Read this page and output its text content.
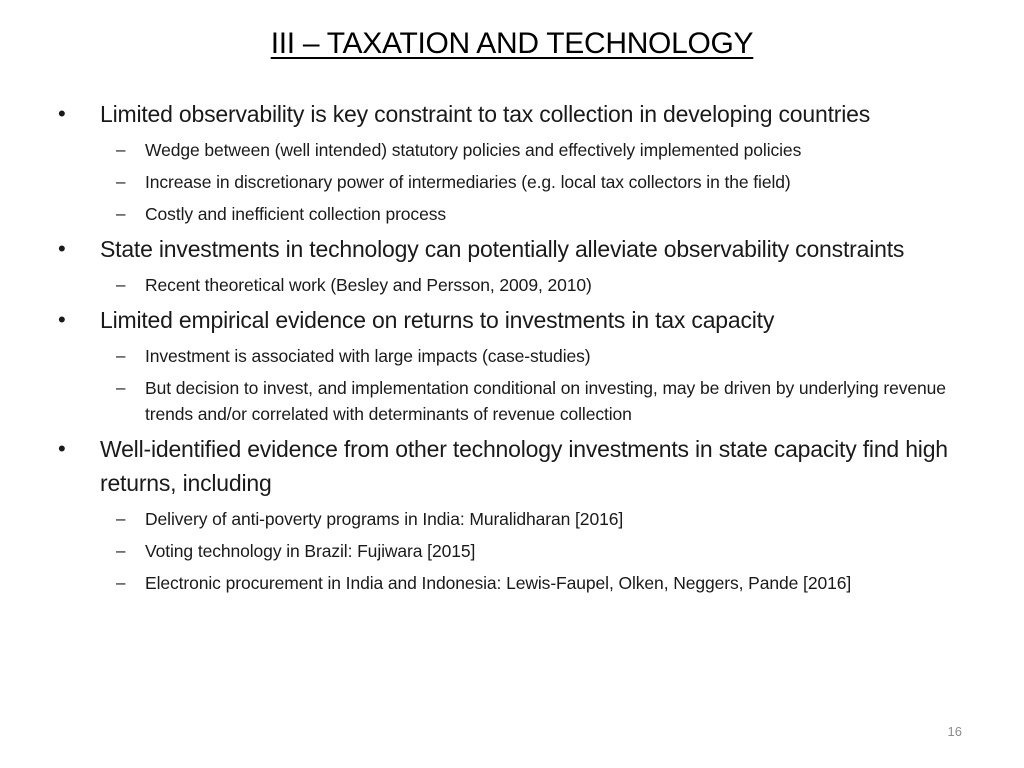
III – TAXATION AND TECHNOLOGY
•	Limited observability is key constraint to tax collection in developing countries
– Wedge between (well intended) statutory policies and effectively implemented policies
– Increase in discretionary power of intermediaries (e.g. local tax collectors in the field)
– Costly and inefficient collection process
•	State investments in technology can potentially alleviate observability constraints
– Recent theoretical work (Besley and Persson, 2009, 2010)
•	Limited empirical evidence on returns to investments in tax capacity
– Investment is associated with large impacts (case-studies)
– But decision to invest, and implementation conditional on investing, may be driven by underlying revenue trends and/or correlated with determinants of revenue collection
•	Well-identified evidence from other technology investments in state capacity find high returns, including
– Delivery of anti-poverty programs in India: Muralidharan [2016]
– Voting technology in Brazil: Fujiwara [2015]
– Electronic procurement in India and Indonesia: Lewis-Faupel, Olken, Neggers, Pande [2016]
16
